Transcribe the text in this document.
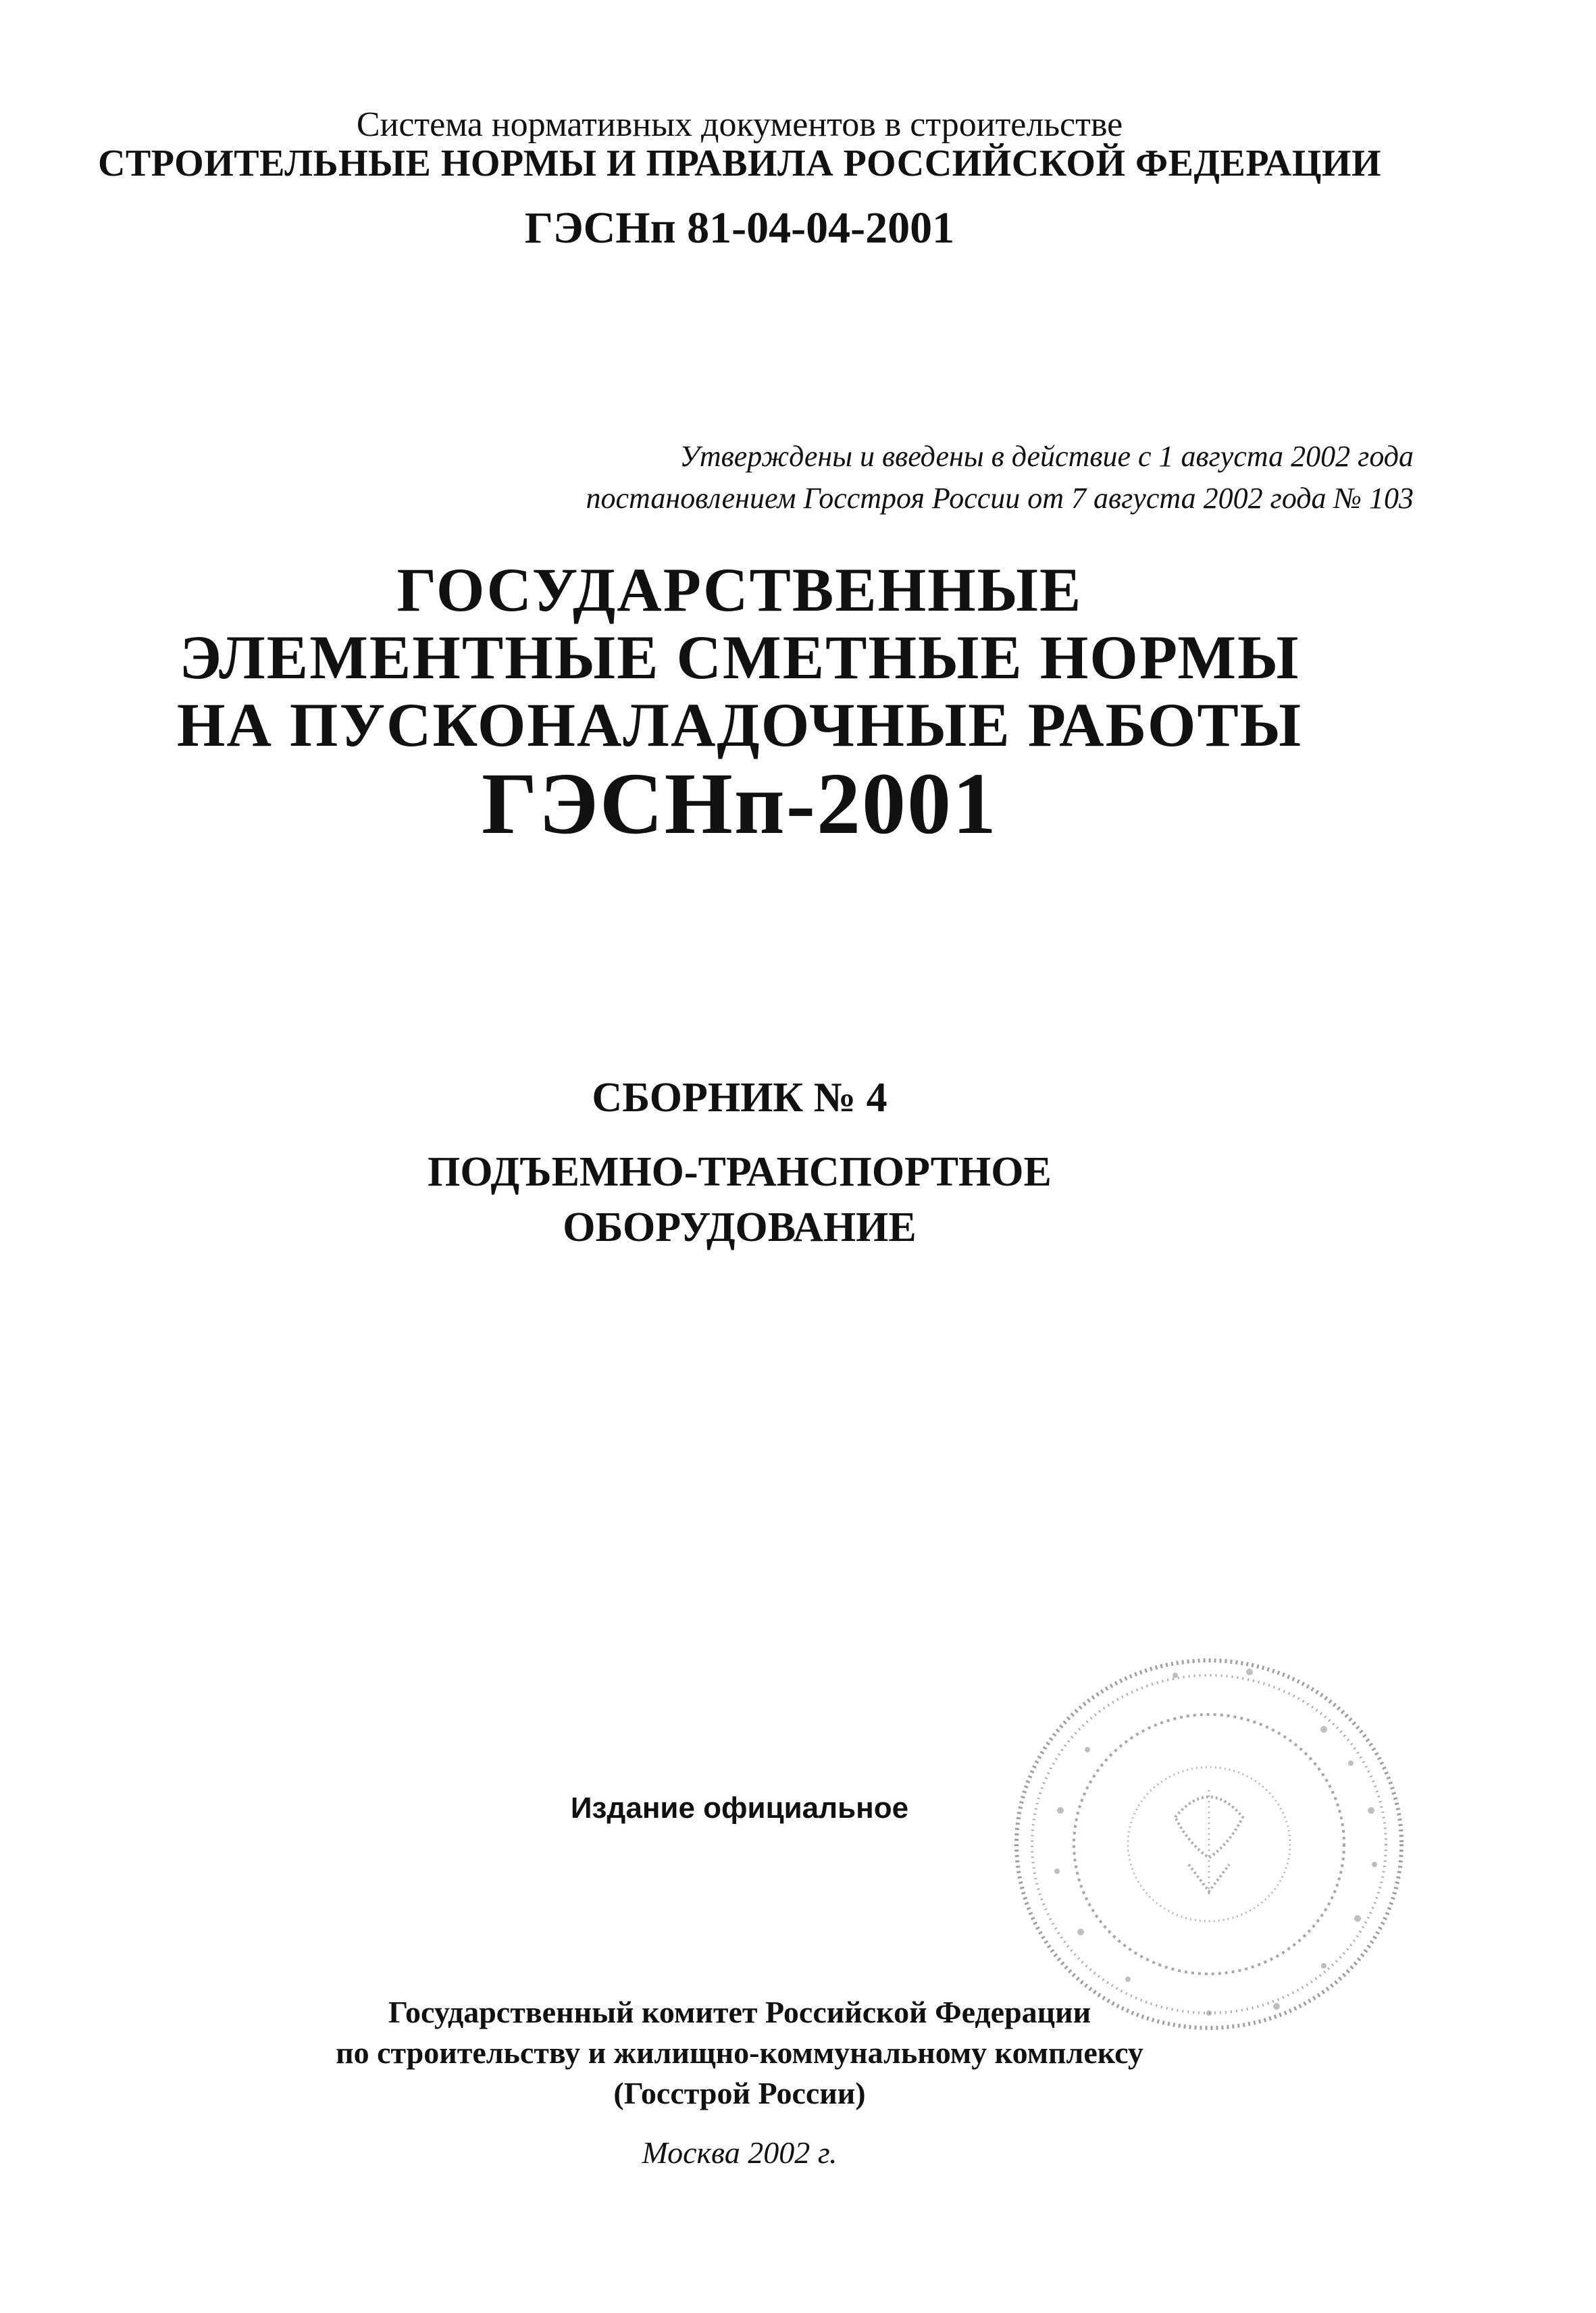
Система нормативных документов в строительстве
СТРОИТЕЛЬНЫЕ НОРМЫ И ПРАВИЛА РОССИЙСКОЙ ФЕДЕРАЦИИ
ГЭСНп 81-04-04-2001
Утверждены и введены в действие с 1 августа 2002 года
постановлением Госстроя России от 7 августа 2002 года № 103
ГОСУДАРСТВЕННЫЕ
ЭЛЕМЕНТНЫЕ СМЕТНЫЕ НОРМЫ
НА ПУСКОНАЛАДОЧНЫЕ РАБОТЫ
ГЭСНп-2001
СБОРНИК № 4
ПОДЪЕМНО-ТРАНСПОРТНОЕ
ОБОРУДОВАНИЕ
Издание официальное
Государственный комитет Российской Федерации
по строительству и жилищно-коммунальному комплексу
(Госстрой России)
Москва 2002 г.
